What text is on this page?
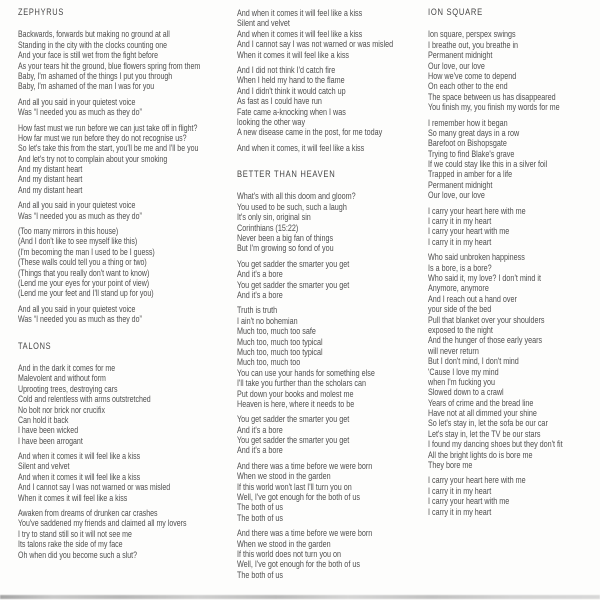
ZEPHYRUS
Backwards, forwards but making no ground at all
Standing in the city with the clocks counting one
And your face is still wet from the fight before
As your tears hit the ground, blue flowers spring from them
Baby, I'm ashamed of the things I put you through
Baby, I'm ashamed of the man I was for you
And all you said in your quietest voice
Was “I needed you as much as they do”
How fast must we run before we can just take off in flight?
How far must we run before they do not recognise us?
So let's take this from the start, you'll be me and I'll be you
And let's try not to complain about your smoking
And my distant heart
And my distant heart
And my distant heart
And all you said in your quietest voice
Was “I needed you as much as they do”
(Too many mirrors in this house)
(And I don't like to see myself like this)
(I'm becoming the man I used to be I guess)
(These walls could tell you a thing or two)
(Things that you really don't want to know)
(Lend me your eyes for your point of view)
(Lend me your feet and I'll stand up for you)
And all you said in your quietest voice
Was “I needed you as much as they do”
TALONS
And in the dark it comes for me
Malevolent and without form
Uprooting trees, destroying cars
Cold and relentless with arms outstretched
No bolt nor brick nor crucifix
Can hold it back
I have been wicked
I have been arrogant
And when it comes it will feel like a kiss
Silent and velvet
And when it comes it will feel like a kiss
And I cannot say I was not warned or was misled
When it comes it will feel like a kiss
Awaken from dreams of drunken car crashes
You've saddened my friends and claimed all my lovers
I try to stand still so it will not see me
Its talons rake the side of my face
Oh when did you become such a slut?
And when it comes it will feel like a kiss
Silent and velvet
And when it comes it will feel like a kiss
And I cannot say I was not warned or was misled
When it comes it will feel like a kiss
And I did not think I'd catch fire
When I held my hand to the flame
And I didn't think it would catch up
As fast as I could have run
Fate came a-knocking when I was
looking the other way
A new disease came in the post, for me today
And when it comes, it will feel like a kiss
BETTER THAN HEAVEN
What's with all this doom and gloom?
You used to be such, such a laugh
It's only sin, original sin
Corinthians (15:22)
Never been a big fan of things
But I'm growing so fond of you
You get sadder the smarter you get
And it's a bore
You get sadder the smarter you get
And it's a bore
Truth is truth
I ain't no bohemian
Much too, much too safe
Much too, much too typical
Much too, much too typical
Much too, much too
You can use your hands for something else
I'll take you further than the scholars can
Put down your books and molest me
Heaven is here, where it needs to be
You get sadder the smarter you get
And it's a bore
You get sadder the smarter you get
And it's a bore
And there was a time before we were born
When we stood in the garden
If this world won't last I'll turn you on
Well, I've got enough for the both of us
The both of us
The both of us
And there was a time before we were born
When we stood in the garden
If this world does not turn you on
Well, I've got enough for the both of us
The both of us
ION SQUARE
Ion square, perspex swings
I breathe out, you breathe in
Permanent midnight
Our love, our love
How we've come to depend
On each other to the end
The space between us has disappeared
You finish my, you finish my words for me
I remember how it began
So many great days in a row
Barefoot on Bishopsgate
Trying to find Blake's grave
If we could stay like this in a silver foil
Trapped in amber for a life
Permanent midnight
Our love, our love
I carry your heart here with me
I carry it in my heart
I carry your heart with me
I carry it in my heart
Who said unbroken happiness
Is a bore, is a bore?
Who said it, my love? I don't mind it
Anymore, anymore
And I reach out a hand over
your side of the bed
Pull that blanket over your shoulders
exposed to the night
And the hunger of those early years
will never return
But I don't mind, I don't mind
'Cause I love my mind
when I'm fucking you
Slowed down to a crawl
Years of crime and the bread line
Have not at all dimmed your shine
So let's stay in, let the sofa be our car
Let's stay in, let the TV be our stars
I found my dancing shoes but they don't fit
All the bright lights do is bore me
They bore me
I carry your heart here with me
I carry it in my heart
I carry your heart with me
I carry it in my heart
